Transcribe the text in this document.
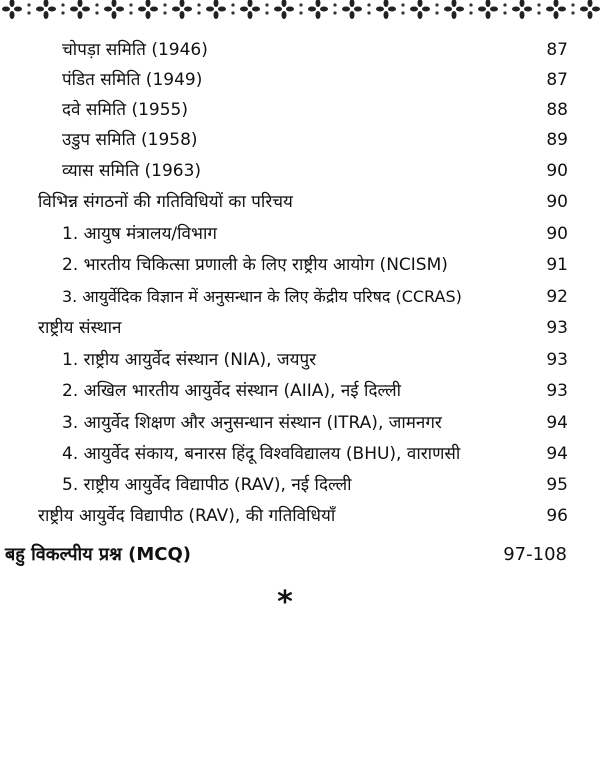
चोपड़ा समिति (1946)	87
पंडित समिति (1949)	87
दवे समिति (1955)	88
उडुप समिति (1958)	89
व्यास समिति (1963)	90
विभिन्न संगठनों की गतिविधियों का परिचय	90
1. आयुष मंत्रालय/विभाग	90
2. भारतीय चिकित्सा प्रणाली के लिए राष्ट्रीय आयोग (NCISM)	91
3. आयुर्वेदिक विज्ञान में अनुसन्धान के लिए केंद्रीय परिषद (CCRAS)	92
राष्ट्रीय संस्थान	93
1. राष्ट्रीय आयुर्वेद संस्थान (NIA), जयपुर	93
2. अखिल भारतीय आयुर्वेद संस्थान (AIIA), नई दिल्ली	93
3. आयुर्वेद शिक्षण और अनुसन्धान संस्थान (ITRA), जामनगर	94
4. आयुर्वेद संकाय, बनारस हिंदू विश्वविद्यालय (BHU), वाराणसी	94
5. राष्ट्रीय आयुर्वेद विद्यापीठ (RAV), नई दिल्ली	95
राष्ट्रीय आयुर्वेद विद्यापीठ (RAV), की गतिविधियाँ	96
बहु विकल्पीय प्रश्न (MCQ)	97-108
*
